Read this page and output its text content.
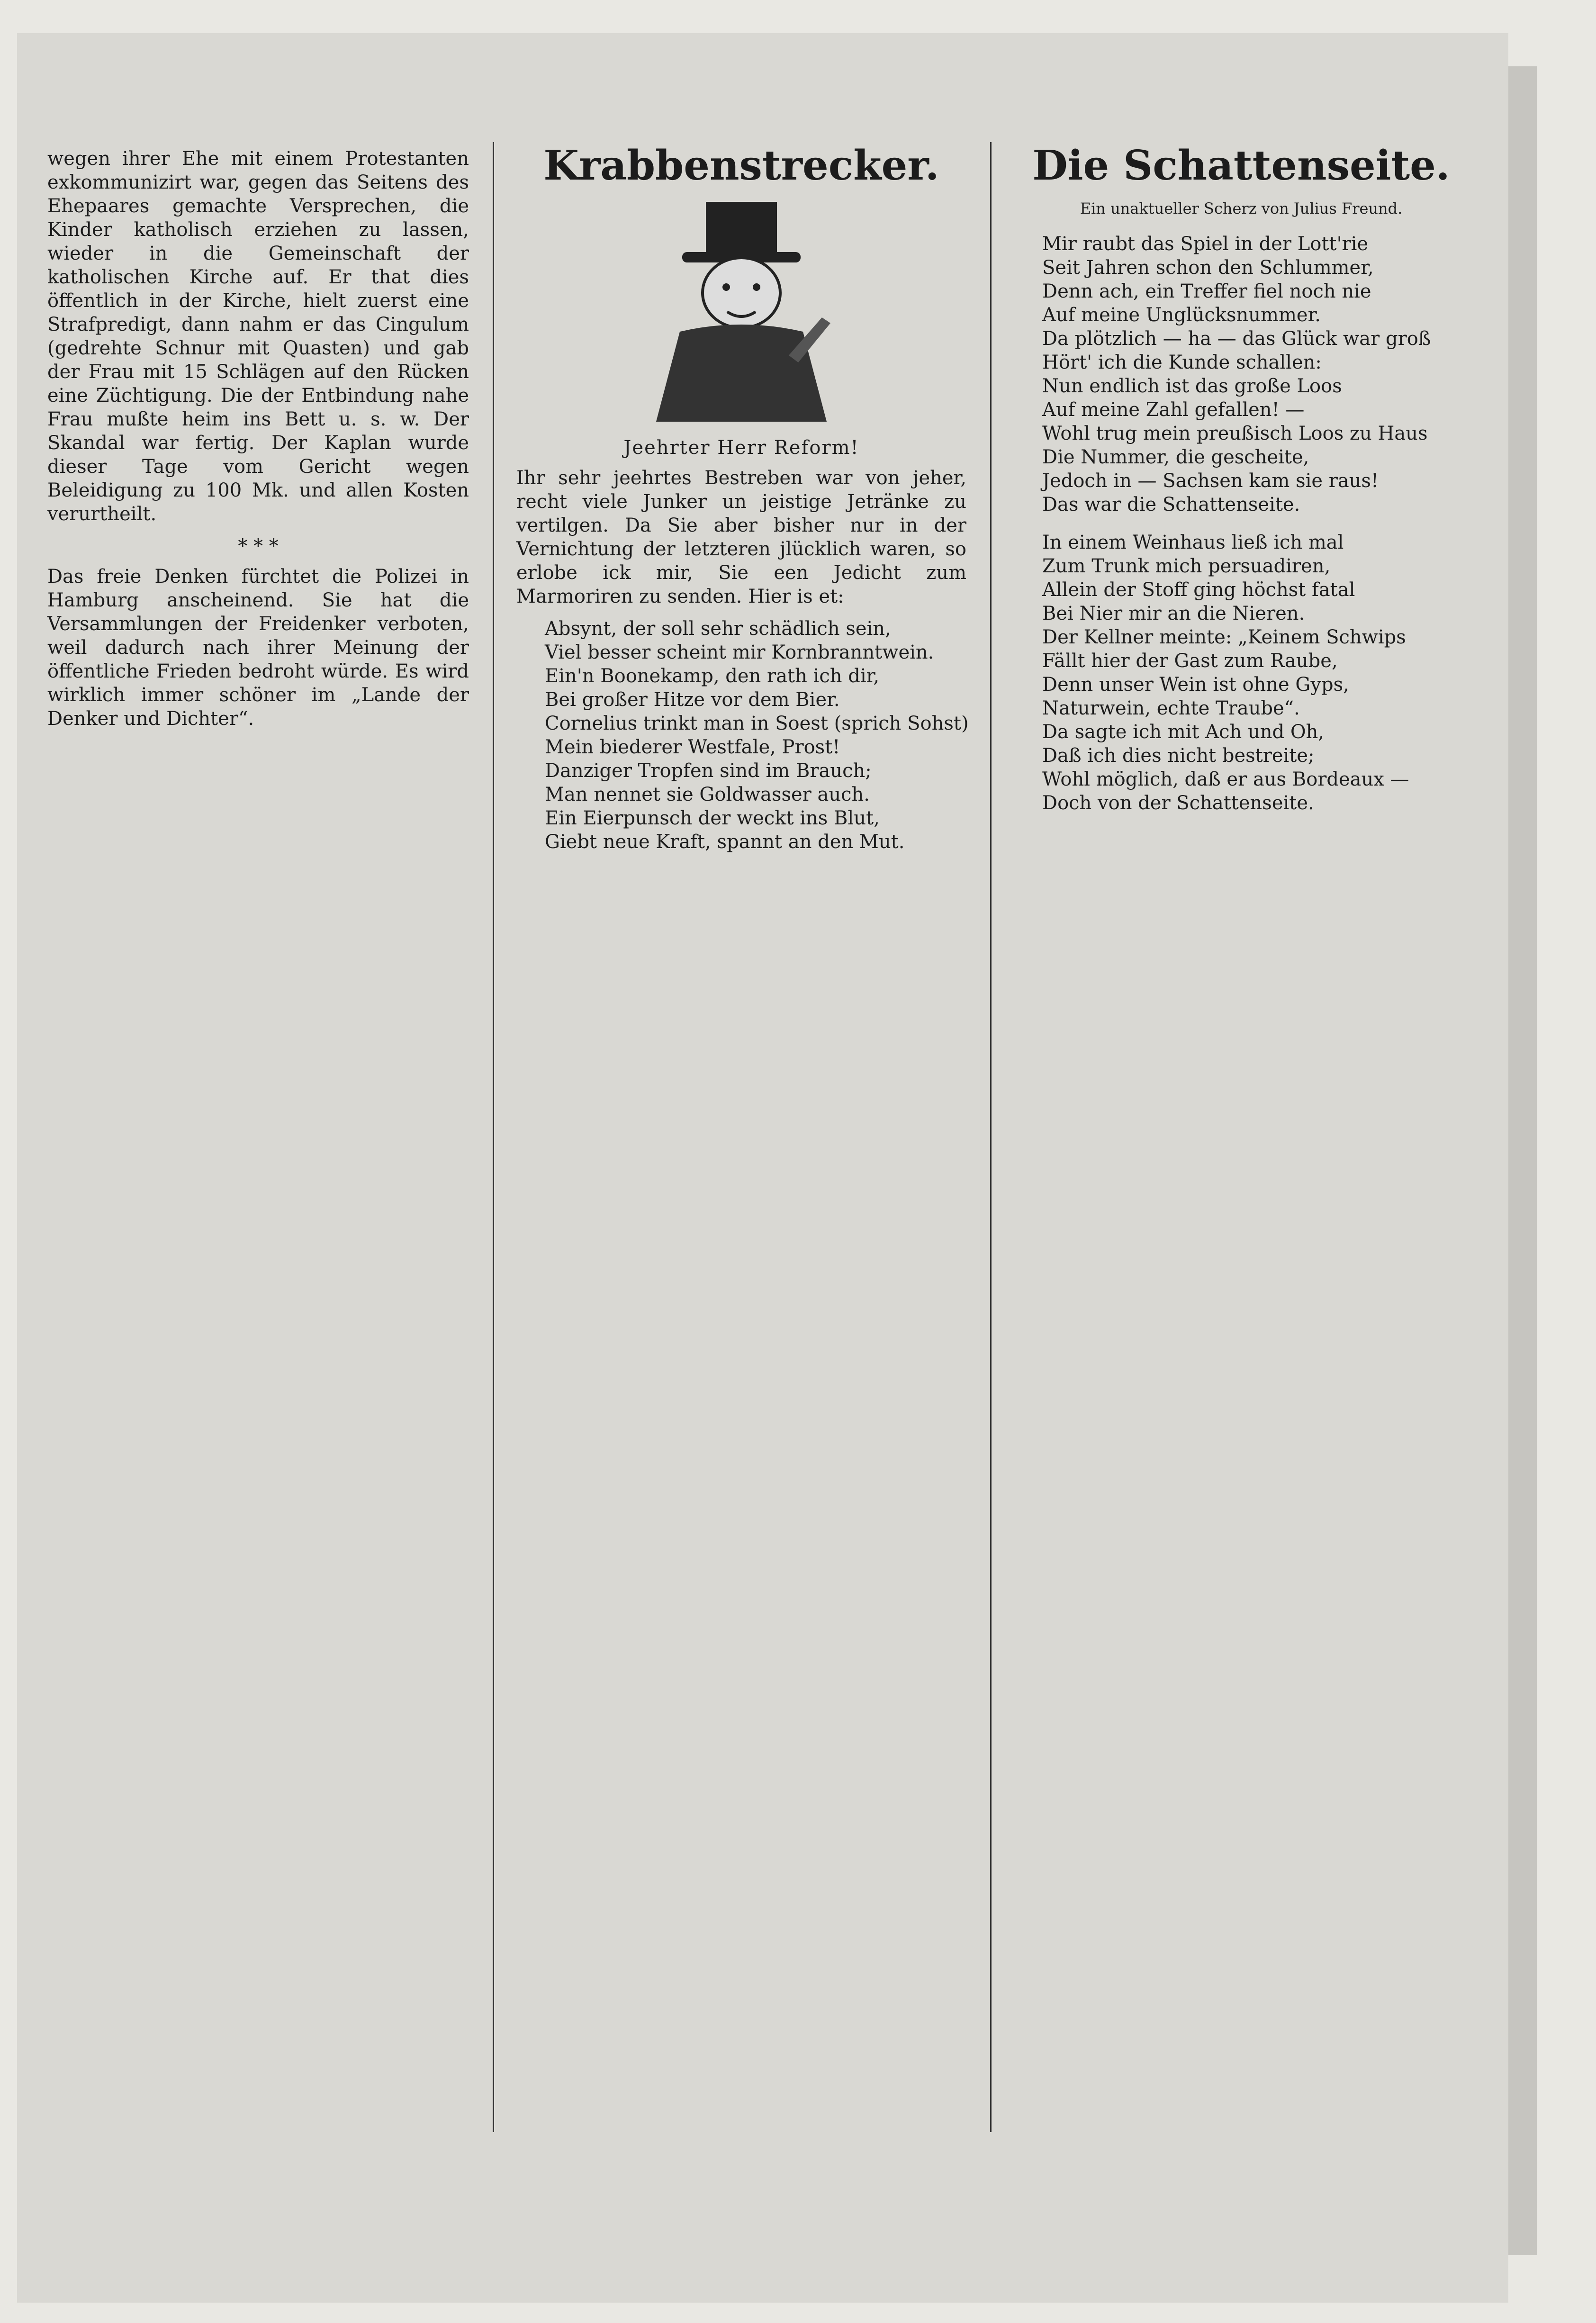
wegen ihrer Ehe mit einem Protestanten exkommunizirt war, gegen das Seitens des Ehepaares gemachte Versprechen, die Kinder katholisch erziehen zu lassen, wieder in die Gemeinschaft der katholischen Kirche auf. Er that dies öffentlich in der Kirche, hielt zuerst eine Strafpredigt, dann nahm er das Cingulum (gedrehte Schnur mit Quasten) und gab der Frau mit 15 Schlägen auf den Rücken eine Züchtigung. Die der Entbindung nahe Frau mußte heim ins Bett u. s. w. Der Skandal war fertig. Der Kaplan wurde dieser Tage vom Gericht wegen Beleidigung zu 100 Mk. und allen Kosten verurtheilt.

* * *

Das freie Denken fürchtet die Polizei in Hamburg anscheinend. Sie hat die Versammlungen der Freidenker verboten, weil dadurch nach ihrer Meinung der öffentliche Frieden bedroht würde. Es wird wirklich immer schöner im „Lande der Denker und Dichter“.

Krabbenstrecker.
Jeehrter Herr Reform!

Ihr sehr jeehrtes Bestreben war von jeher, recht viele Junker un jeistige Jetränke zu vertilgen. Da Sie aber bisher nur in der Vernichtung der letzteren jlücklich waren, so erlobe ick mir, Sie een Jedicht zum Marmoriren zu senden. Hier is et:

Absynt, der soll sehr schädlich sein,
Viel besser scheint mir Kornbranntwein.
Ein'n Boonekamp, den rath ich dir,
Bei großer Hitze vor dem Bier.
Cornelius trinkt man in Soest (sprich Sohst)
Mein biederer Westfale, Prost!
Danziger Tropfen sind im Brauch;
Man nennet sie Goldwasser auch.
Ein Eierpunsch der weckt ins Blut,
Giebt neue Kraft, spannt an den Mut.
Die Schattenseite.
Ein unaktueller Scherz von Julius Freund.
Mir raubt das Spiel in der Lott'rie
Seit Jahren schon den Schlummer,
Denn ach, ein Treffer fiel noch nie
Auf meine Unglücksnummer.
Da plötzlich — ha — das Glück war groß
Hört' ich die Kunde schallen:
Nun endlich ist das große Loos
Auf meine Zahl gefallen! —
Wohl trug mein preußisch Loos zu Haus
Die Nummer, die gescheite,
Jedoch in — Sachsen kam sie raus!
Das war die Schattenseite.
In einem Weinhaus ließ ich mal
Zum Trunk mich persuadiren,
Allein der Stoff ging höchst fatal
Bei Nier mir an die Nieren.
Der Kellner meinte: „Keinem Schwips
Fällt hier der Gast zum Raube,
Denn unser Wein ist ohne Gyps,
Naturwein, echte Traube“.
Da sagte ich mit Ach und Oh,
Daß ich dies nicht bestreite;
Wohl möglich, daß er aus Bordeaux —
Doch von der Schattenseite.
